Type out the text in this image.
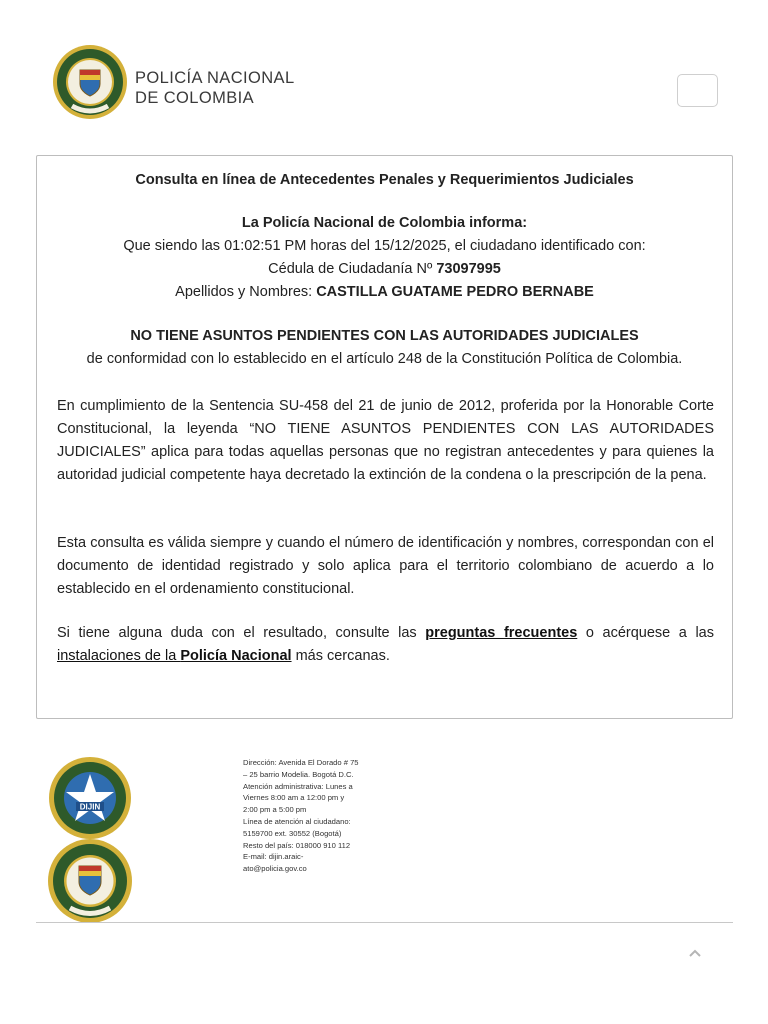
POLICÍA NACIONAL
DE COLOMBIA
Consulta en línea de Antecedentes Penales y Requerimientos Judiciales
La Policía Nacional de Colombia informa:
Que siendo las 01:02:51 PM horas del 15/12/2025, el ciudadano identificado con:
Cédula de Ciudadanía Nº 73097995
Apellidos y Nombres: CASTILLA GUATAME PEDRO BERNABE
NO TIENE ASUNTOS PENDIENTES CON LAS AUTORIDADES JUDICIALES
de conformidad con lo establecido en el artículo 248 de la Constitución Política de Colombia.

En cumplimiento de la Sentencia SU-458 del 21 de junio de 2012, proferida por la Honorable Corte Constitucional, la leyenda “NO TIENE ASUNTOS PENDIENTES CON LAS AUTORIDADES JUDICIALES” aplica para todas aquellas personas que no registran antecedentes y para quienes la autoridad judicial competente haya decretado la extinción de la condena o la prescripción de la pena.

Esta consulta es válida siempre y cuando el número de identificación y nombres, correspondan con el documento de identidad registrado y solo aplica para el territorio colombiano de acuerdo a lo establecido en el ordenamiento constitucional.

Si tiene alguna duda con el resultado, consulte las preguntas frecuentes o acérquese a las instalaciones de la Policía Nacional más cercanas.

DIJIN
Dirección: Avenida El Dorado # 75
– 25 barrio Modelia. Bogotá D.C.
Atención administrativa: Lunes a
Viernes 8:00 am a 12:00 pm y
2:00 pm a 5:00 pm
Línea de atención al ciudadano:
5159700 ext. 30552 (Bogotá)
Resto del país: 018000 910 112
E-mail: dijin.araic-
ato@policia.gov.co
